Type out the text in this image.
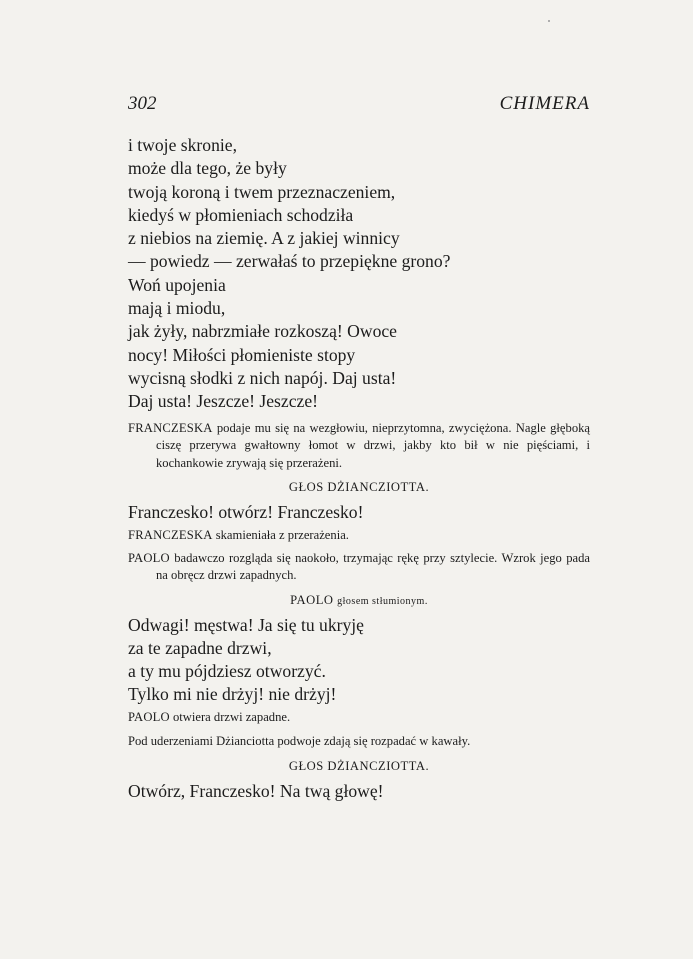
302	CHIMERA
i twoje skronie,
może dla tego, że były
twoją koroną i twem przeznaczeniem,
kiedyś w płomieniach schodziła
z niebios na ziemię. A z jakiej winnicy
— powiedz — zerwałaś to przepiękne grono?
Woń upojenia
mają i miodu,
jak żyły, nabrzmiałe rozkoszą! Owoce
nocy! Miłości płomieniste stopy
wycisną słodki z nich napój. Daj usta!
Daj usta! Jeszcze! Jeszcze!

FRANCZESKA podaje mu się na wezgłowiu, nieprzytomna, zwyciężona. Nagle głęboką ciszę przerywa gwałtowny łomot w drzwi, jakby kto bił w nie pięściami, i kochankowie zrywają się przerażeni.

GŁOS DŻIANCZIOTTA.
Franczesko! otwórz! Franczesko!

FRANCZESKA skamieniała z przerażenia.

PAOLO badawczo rozgląda się naokoło, trzymając rękę przy sztylecie. Wzrok jego pada na obręcz drzwi zapadnych.

PAOLO głosem stłumionym.
Odwagi! męstwa! Ja się tu ukryję
za te zapadne drzwi,
a ty mu pójdziesz otworzyć.
Tylko mi nie drżyj! nie drżyj!

PAOLO otwiera drzwi zapadne.

Pod uderzeniami Dżianciotta podwoje zdają się rozpadać w kawały.

GŁOS DŻIANCZIOTTA.
Otwórz, Franczesko! Na twą głowę!
